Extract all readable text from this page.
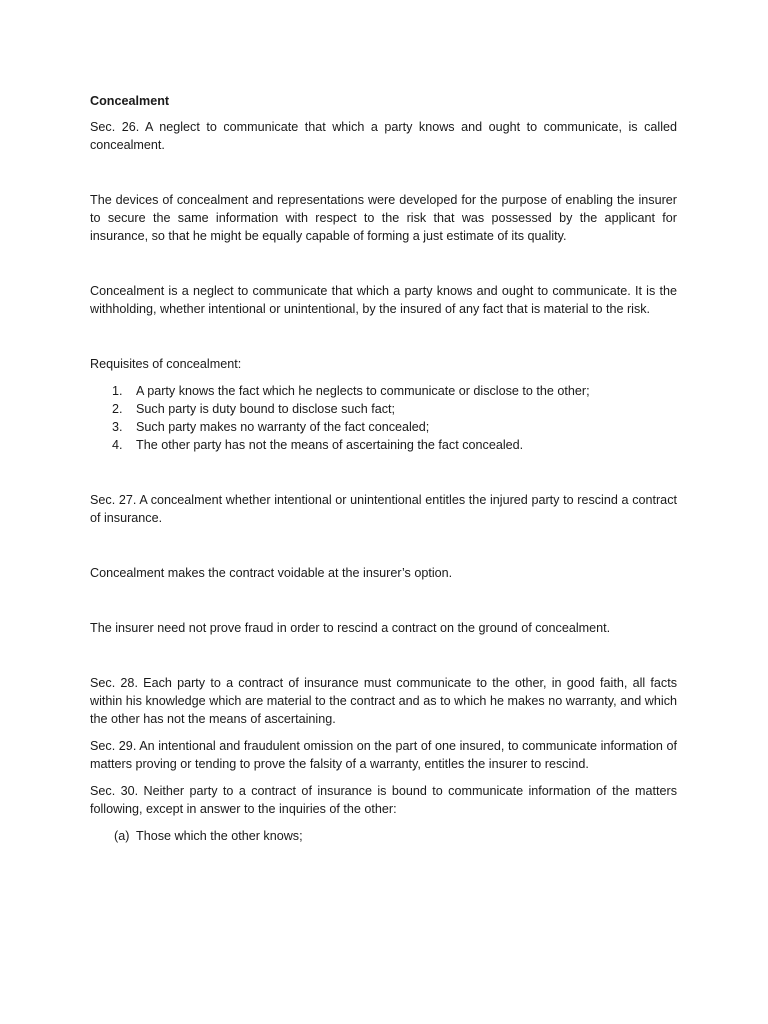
Concealment

Sec. 26. A neglect to communicate that which a party knows and ought to communicate, is called concealment.

The devices of concealment and representations were developed for the purpose of enabling the insurer to secure the same information with respect to the risk that was possessed by the applicant for insurance, so that he might be equally capable of forming a just estimate of its quality.

Concealment is a neglect to communicate that which a party knows and ought to communicate. It is the withholding, whether intentional or unintentional, by the insured of any fact that is material to the risk.

Requisites of concealment:

1. A party knows the fact which he neglects to communicate or disclose to the other;
2. Such party is duty bound to disclose such fact;
3. Such party makes no warranty of the fact concealed;
4. The other party has not the means of ascertaining the fact concealed.

Sec. 27. A concealment whether intentional or unintentional entitles the injured party to rescind a contract of insurance.

Concealment makes the contract voidable at the insurer’s option.

The insurer need not prove fraud in order to rescind a contract on the ground of concealment.

Sec. 28. Each party to a contract of insurance must communicate to the other, in good faith, all facts within his knowledge which are material to the contract and as to which he makes no warranty, and which the other has not the means of ascertaining.

Sec. 29. An intentional and fraudulent omission on the part of one insured, to communicate information of matters proving or tending to prove the falsity of a warranty, entitles the insurer to rescind.

Sec. 30. Neither party to a contract of insurance is bound to communicate information of the matters following, except in answer to the inquiries of the other:

(a) Those which the other knows;
